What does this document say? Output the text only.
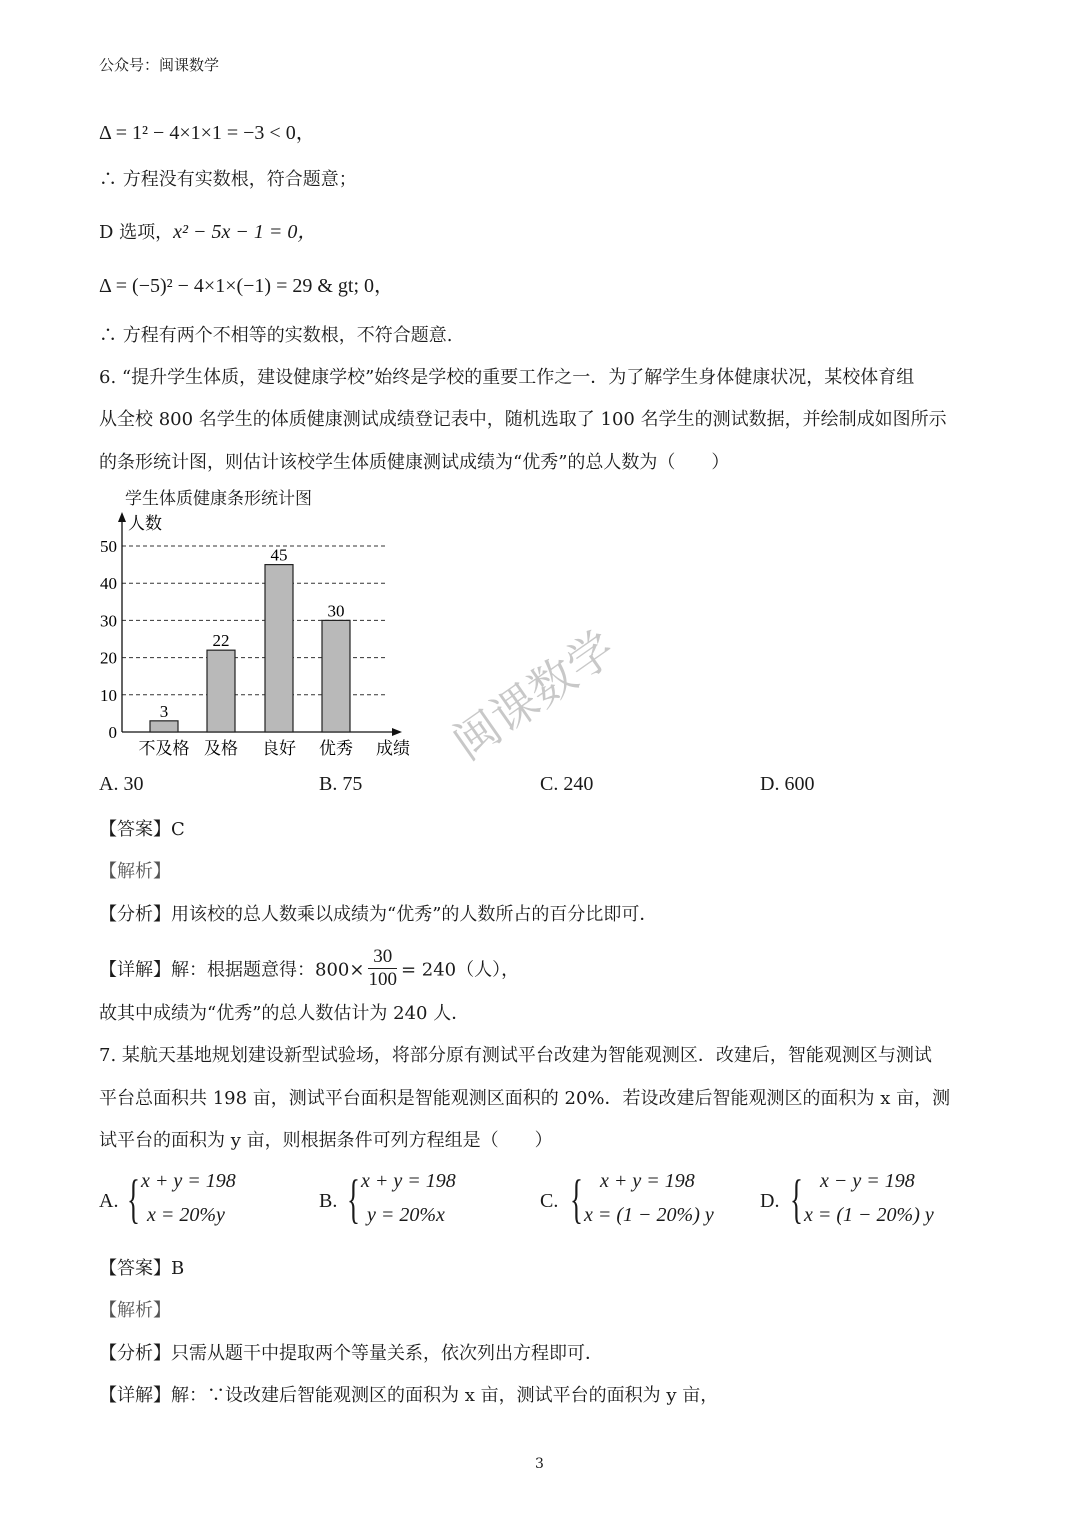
公众号：闽课数学
Δ = 1² − 4×1×1 = −3 < 0，
∴ 方程没有实数根，符合题意；
D 选项，x² − 5x − 1 = 0，
Δ = (−5)² − 4×1×(−1) = 29 & gt; 0，
∴ 方程有两个不相等的实数根，不符合题意.
6. “提升学生体质，建设健康学校”始终是学校的重要工作之一．为了解学生身体健康状况，某校体育组
从全校 800 名学生的体质健康测试成绩登记表中，随机选取了 100 名学生的测试数据，并绘制成如图所示
的条形统计图，则估计该校学生体质健康测试成绩为“优秀”的总人数为（　　）
学生体质健康条形统计图
0
10
20
30
40
50
人数
成绩
3
不及格
22
及格
45
良好
30
优秀 闽课数学
A. 30	B. 75	C. 240	D. 600
【答案】C
【解析】
【分析】用该校的总人数乘以成绩为“优秀”的人数所占的百分比即可．
【详解】解：根据题意得：$800\times \frac{30}{100} = 240$（人），
故其中成绩为“优秀”的总人数估计为 240 人．
7. 某航天基地规划建设新型试验场，将部分原有测试平台改建为智能观测区．改建后，智能观测区与测试
平台总面积共 198 亩，测试平台面积是智能观测区面积的 20%．若设改建后智能观测区的面积为 x 亩，测
试平台的面积为 y 亩，则根据条件可列方程组是（　　）
A. { x + y = 198
x = 20%y
B. { x + y = 198
y = 20%x
C. { x + y = 198
x = (1 − 20%) y
D. { x − y = 198
x = (1 − 20%) y
【答案】B
【解析】
【分析】只需从题干中提取两个等量关系，依次列出方程即可．
【详解】解：∵设改建后智能观测区的面积为 x 亩，测试平台的面积为 y 亩，
3
